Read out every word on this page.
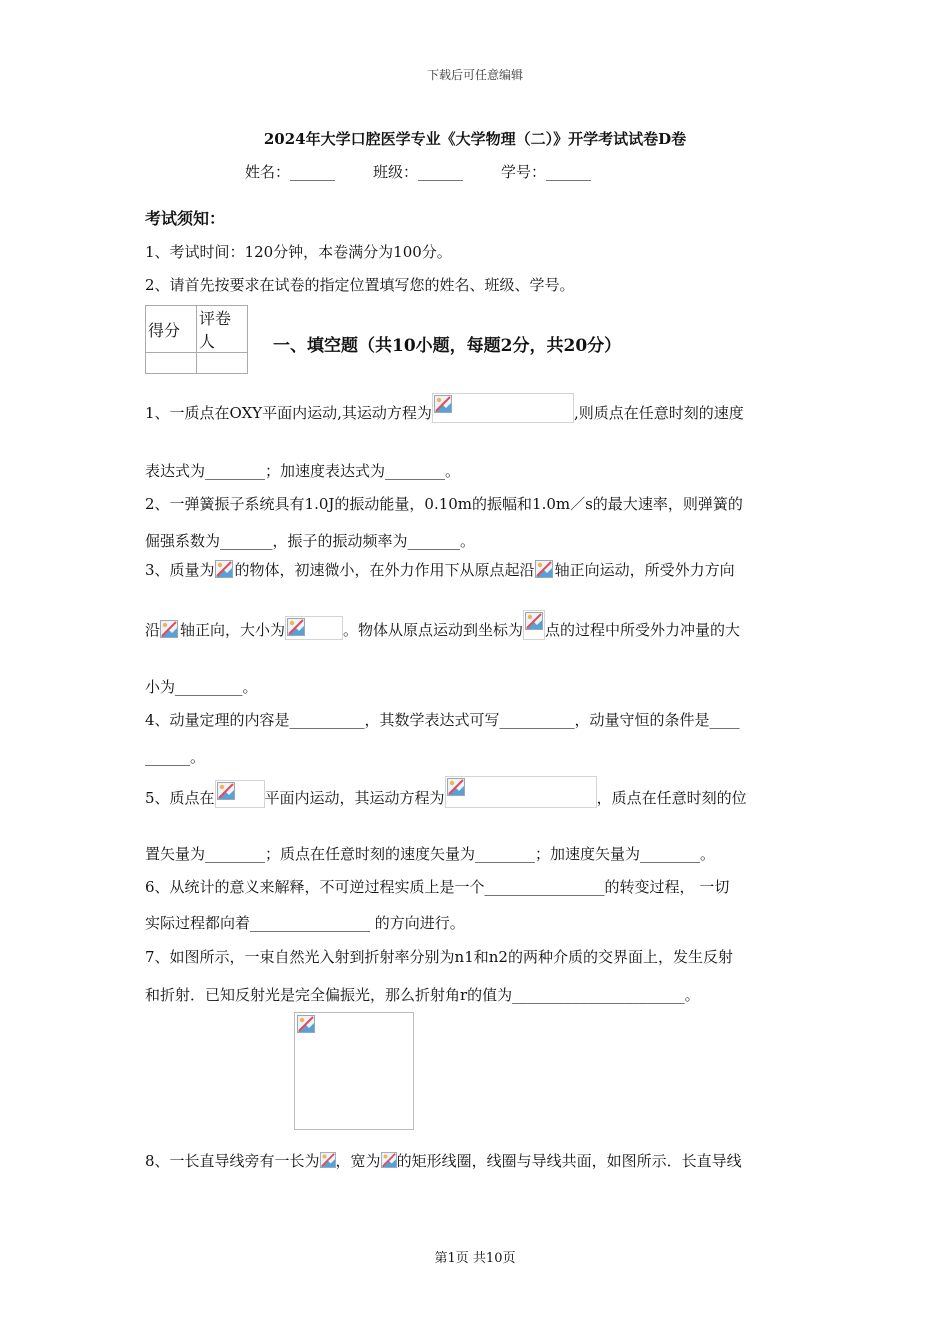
下载后可任意编辑
2024年大学口腔医学专业《大学物理（二）》开学考试试卷D卷
姓名：______	班级：______	学号：______
考试须知：
1、考试时间：120分钟，本卷满分为100分。
2、请首先按要求在试卷的指定位置填写您的姓名、班级、学号。
得分	评卷人
		一、填空题（共10小题，每题2分，共20分）
1、一质点在OXY平面内运动,其运动方程为	,则质点在任意时刻的速度
表达式为________；加速度表达式为________。
2、一弹簧振子系统具有1.0J的振动能量，0.10m的振幅和1.0m／s的最大速率，则弹簧的
倔强系数为_______，振子的振动频率为_______。
3、质量为 的物体，初速微小，在外力作用下从原点起沿 轴正向运动，所受外力方向
沿 轴正向，大小为	。物体从原点运动到坐标为 点的过程中所受外力冲量的大
小为_________。
4、动量定理的内容是__________，其数学表达式可写__________，动量守恒的条件是____
______。
5、质点在	平面内运动，其运动方程为	，质点在任意时刻的位
置矢量为________；质点在任意时刻的速度矢量为________；加速度矢量为________。
6、从统计的意义来解释，不可逆过程实质上是一个________________的转变过程， 一切
实际过程都向着________________ 的方向进行。
7、如图所示，一束自然光入射到折射率分别为n1和n2的两种介质的交界面上，发生反射
和折射．已知反射光是完全偏振光，那么折射角r的值为_______________________。
8、一长直导线旁有一长为 ，宽为 的矩形线圈，线圈与导线共面，如图所示．长直导线
第1页 共10页
